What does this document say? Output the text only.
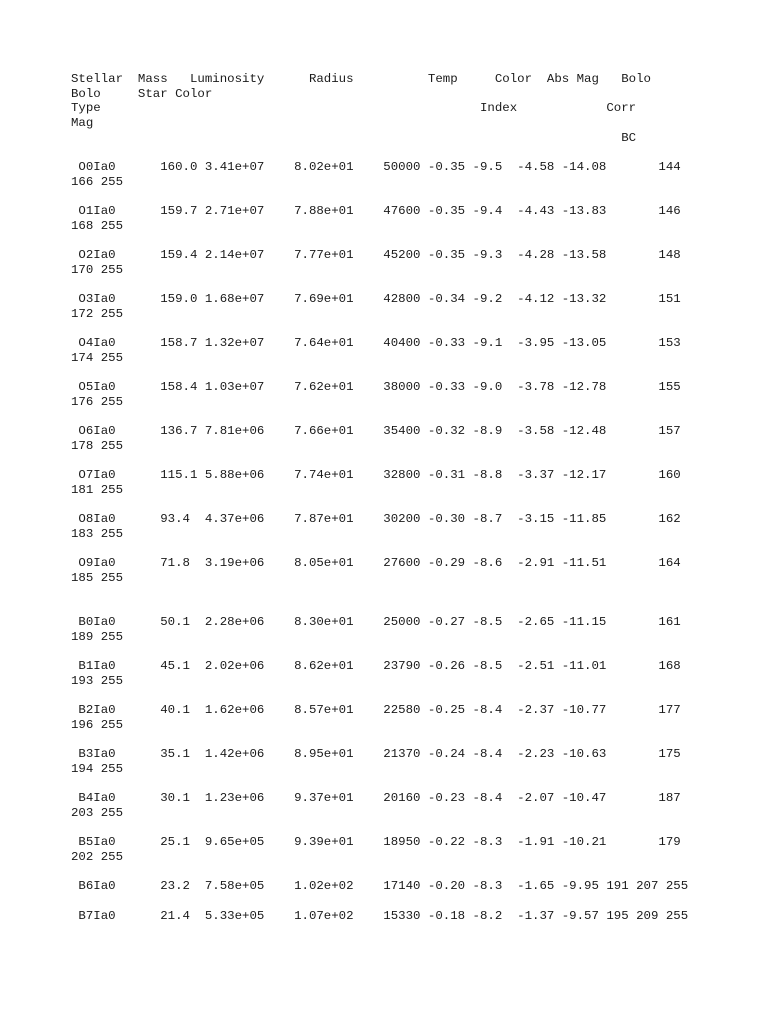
Stellar  Mass   Luminosity      Radius          Temp     Color  Abs Mag   Bolo
Bolo     Star Color
Type                                                   Index            Corr
Mag
BC
O0Ia0      160.0 3.41e+07    8.02e+01    50000 -0.35 -9.5  -4.58 -14.08       144
166 255
O1Ia0      159.7 2.71e+07    7.88e+01    47600 -0.35 -9.4  -4.43 -13.83       146
168 255
O2Ia0      159.4 2.14e+07    7.77e+01    45200 -0.35 -9.3  -4.28 -13.58       148
170 255
O3Ia0      159.0 1.68e+07    7.69e+01    42800 -0.34 -9.2  -4.12 -13.32       151
172 255
O4Ia0      158.7 1.32e+07    7.64e+01    40400 -0.33 -9.1  -3.95 -13.05       153
174 255
O5Ia0      158.4 1.03e+07    7.62e+01    38000 -0.33 -9.0  -3.78 -12.78       155
176 255
O6Ia0      136.7 7.81e+06    7.66e+01    35400 -0.32 -8.9  -3.58 -12.48       157
178 255
O7Ia0      115.1 5.88e+06    7.74e+01    32800 -0.31 -8.8  -3.37 -12.17       160
181 255
O8Ia0      93.4  4.37e+06    7.87e+01    30200 -0.30 -8.7  -3.15 -11.85       162
183 255
O9Ia0      71.8  3.19e+06    8.05e+01    27600 -0.29 -8.6  -2.91 -11.51       164
185 255
B0Ia0      50.1  2.28e+06    8.30e+01    25000 -0.27 -8.5  -2.65 -11.15       161
189 255
B1Ia0      45.1  2.02e+06    8.62e+01    23790 -0.26 -8.5  -2.51 -11.01       168
193 255
B2Ia0      40.1  1.62e+06    8.57e+01    22580 -0.25 -8.4  -2.37 -10.77       177
196 255
B3Ia0      35.1  1.42e+06    8.95e+01    21370 -0.24 -8.4  -2.23 -10.63       175
194 255
B4Ia0      30.1  1.23e+06    9.37e+01    20160 -0.23 -8.4  -2.07 -10.47       187
203 255
B5Ia0      25.1  9.65e+05    9.39e+01    18950 -0.22 -8.3  -1.91 -10.21       179
202 255
B6Ia0      23.2  7.58e+05    1.02e+02    17140 -0.20 -8.3  -1.65 -9.95 191 207 255
B7Ia0      21.4  5.33e+05    1.07e+02    15330 -0.18 -8.2  -1.37 -9.57 195 209 255
